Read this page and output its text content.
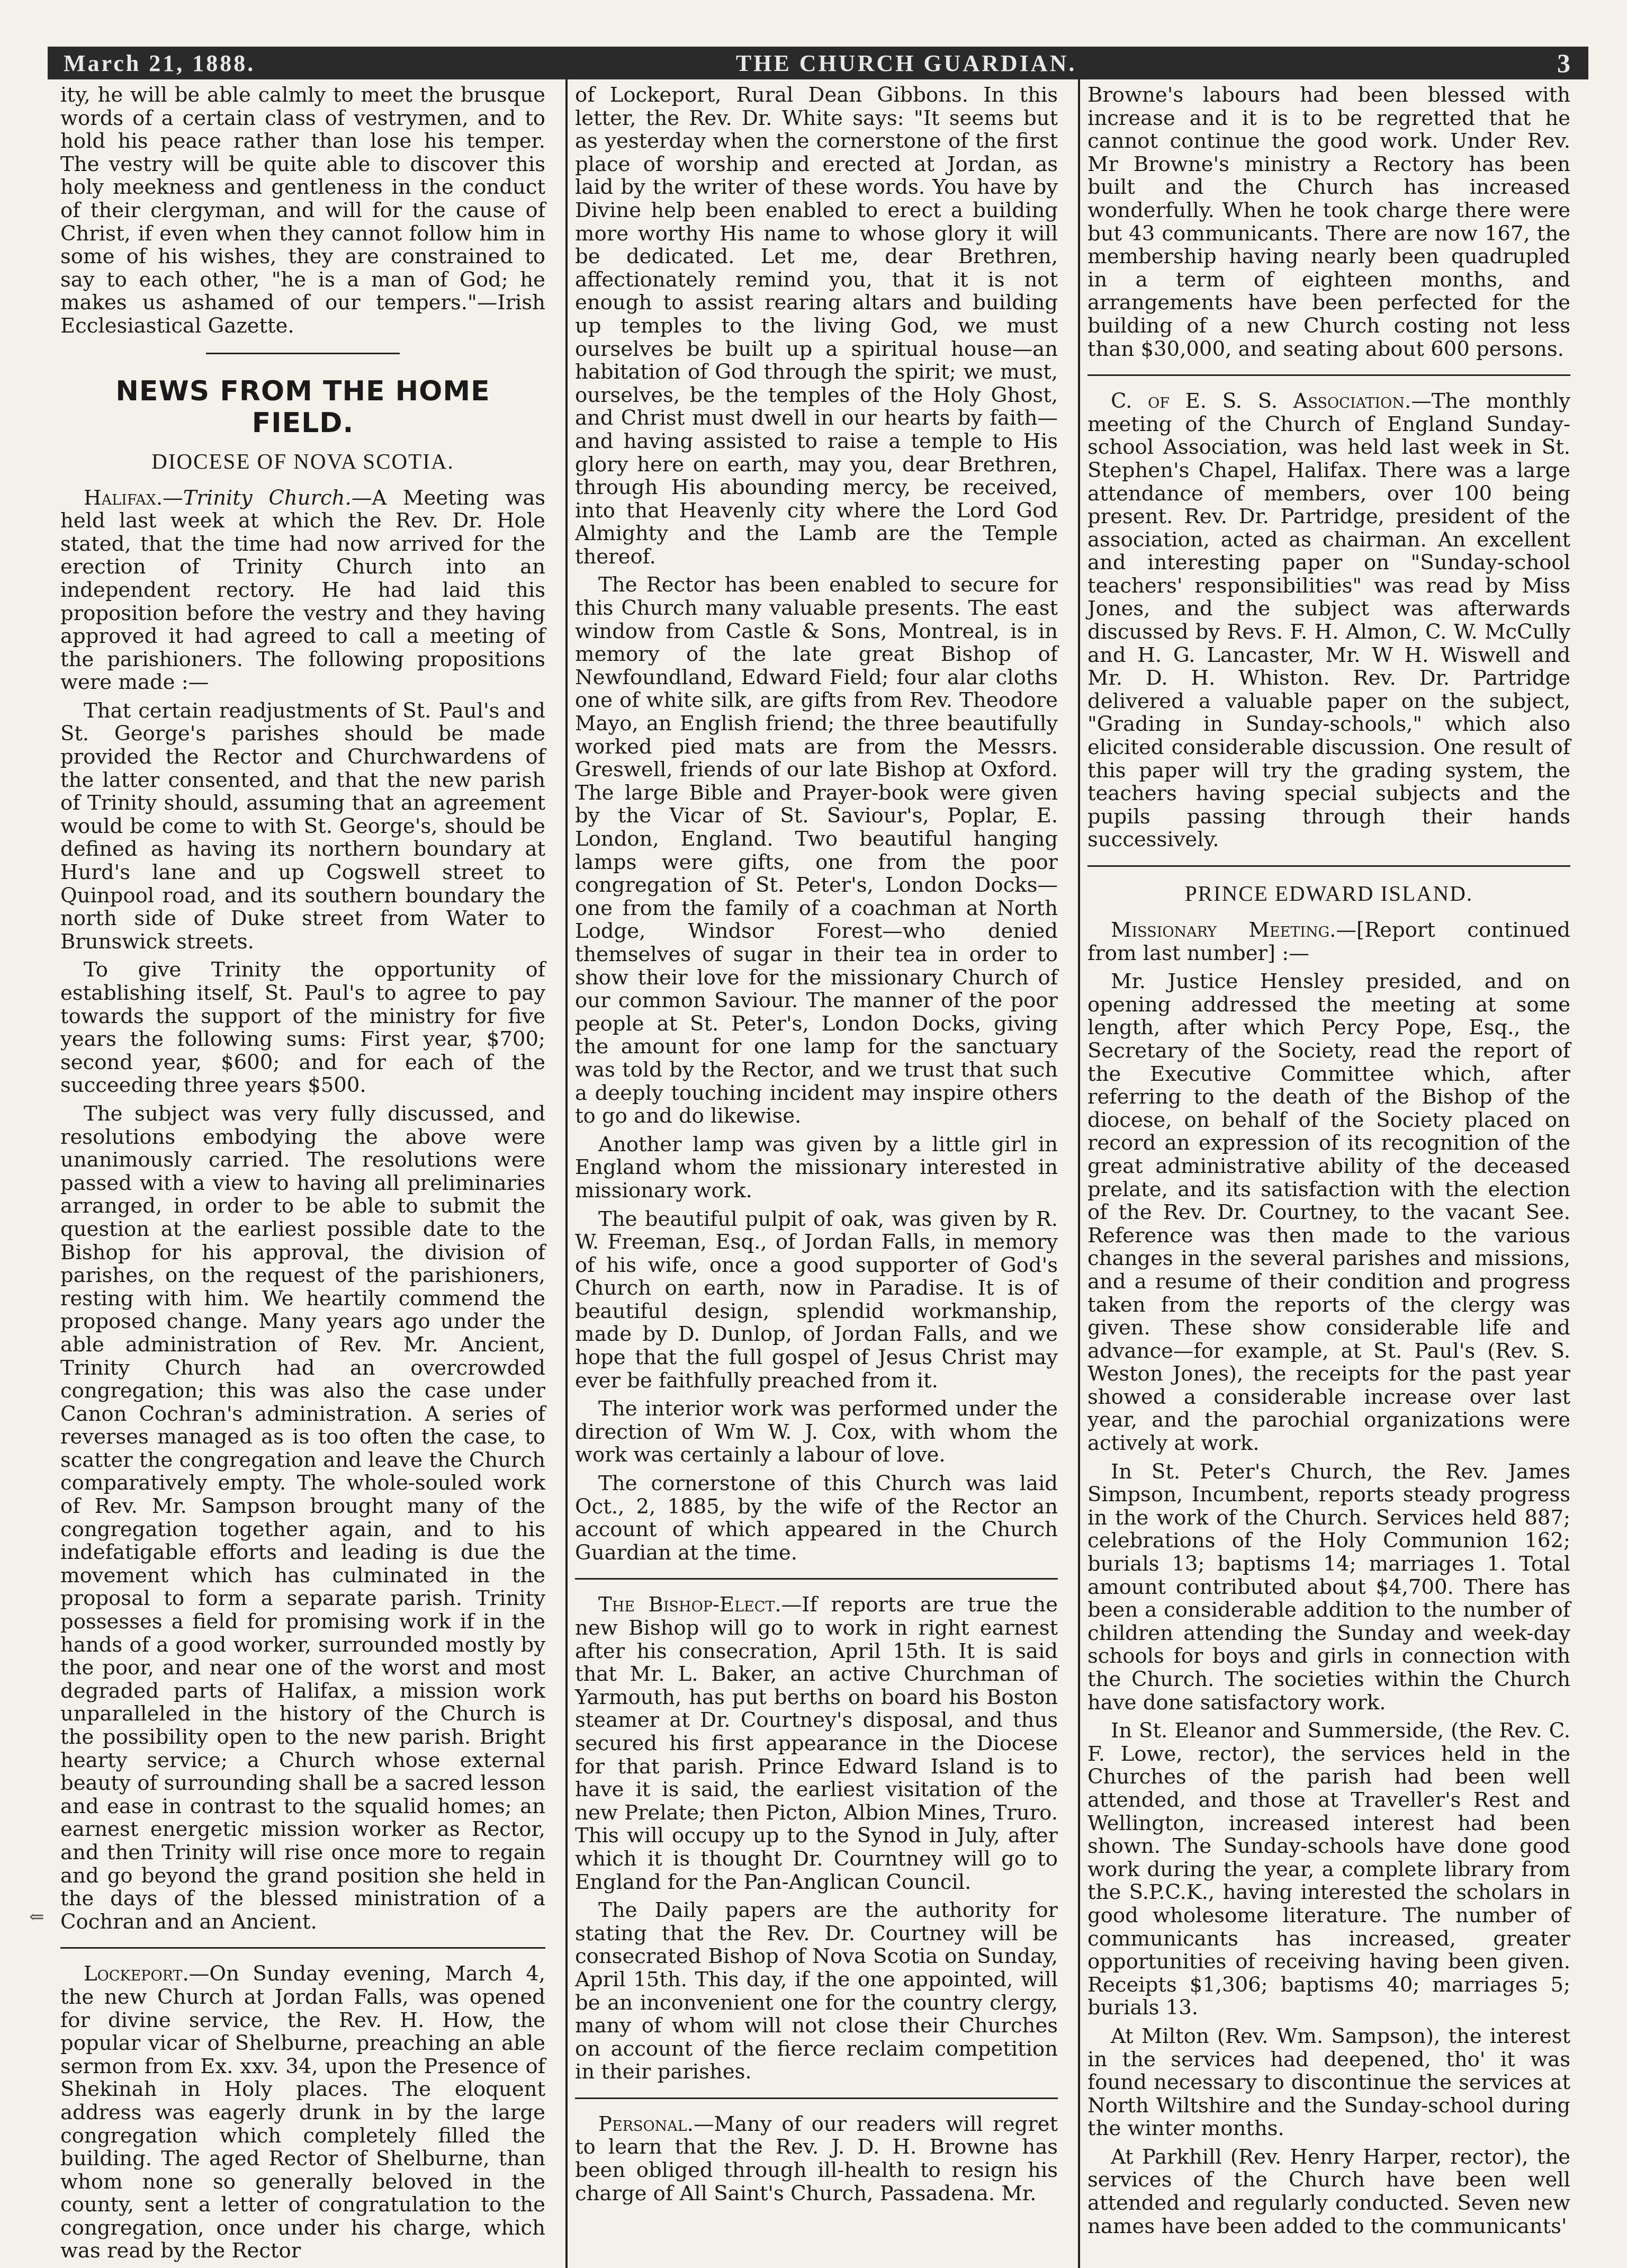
March 21, 1888.	THE CHURCH GUARDIAN.	3
⇐

ity, he will be able calmly to meet the brusque words of a certain class of vestrymen, and to hold his peace rather than lose his temper. The vestry will be quite able to discover this holy meekness and gentleness in the conduct of their clergyman, and will for the cause of Christ, if even when they cannot follow him in some of his wishes, they are constrained to say to each other, "he is a man of God; he makes us ashamed of our tempers."—Irish Ecclesiastical Gazette.

NEWS FROM THE HOME FIELD.
DIOCESE OF NOVA SCOTIA.

Halifax.—Trinity Church.—A Meeting was held last week at which the Rev. Dr. Hole stated, that the time had now arrived for the erection of Trinity Church into an independent rectory. He had laid this proposition before the vestry and they having approved it had agreed to call a meeting of the parishioners. The following propositions were made :—

That certain readjustments of St. Paul's and St. George's parishes should be made provided the Rector and Churchwardens of the latter consented, and that the new parish of Trinity should, assuming that an agreement would be come to with St. George's, should be defined as having its northern boundary at Hurd's lane and up Cogswell street to Quinpool road, and its southern boundary the north side of Duke street from Water to Brunswick streets.

To give Trinity the opportunity of establishing itself, St. Paul's to agree to pay towards the support of the ministry for five years the following sums: First year, $700; second year, $600; and for each of the succeeding three years $500.

The subject was very fully discussed, and resolutions embodying the above were unanimously carried. The resolutions were passed with a view to having all preliminaries arranged, in order to be able to submit the question at the earliest possible date to the Bishop for his approval, the division of parishes, on the request of the parishioners, resting with him. We heartily commend the proposed change. Many years ago under the able administration of Rev. Mr. Ancient, Trinity Church had an overcrowded congregation; this was also the case under Canon Cochran's administration. A series of reverses managed as is too often the case, to scatter the congregation and leave the Church comparatively empty. The whole-souled work of Rev. Mr. Sampson brought many of the congregation together again, and to his indefatigable efforts and leading is due the movement which has culminated in the proposal to form a separate parish. Trinity possesses a field for promising work if in the hands of a good worker, surrounded mostly by the poor, and near one of the worst and most degraded parts of Halifax, a mission work unparalleled in the history of the Church is the possibility open to the new parish. Bright hearty service; a Church whose external beauty of surrounding shall be a sacred lesson and ease in contrast to the squalid homes; an earnest energetic mission worker as Rector, and then Trinity will rise once more to regain and go beyond the grand position she held in the days of the blessed ministration of a Cochran and an Ancient.

Lockeport.—On Sunday evening, March 4, the new Church at Jordan Falls, was opened for divine service, the Rev. H. How, the popular vicar of Shelburne, preaching an able sermon from Ex. xxv. 34, upon the Presence of Shekinah in Holy places. The eloquent address was eagerly drunk in by the large congregation which completely filled the building. The aged Rector of Shelburne, than whom none so generally beloved in the county, sent a letter of congratulation to the congregation, once under his charge, which was read by the Rector

of Lockeport, Rural Dean Gibbons. In this letter, the Rev. Dr. White says: "It seems but as yesterday when the cornerstone of the first place of worship and erected at Jordan, as laid by the writer of these words. You have by Divine help been enabled to erect a building more worthy His name to whose glory it will be dedicated. Let me, dear Brethren, affectionately remind you, that it is not enough to assist rearing altars and building up temples to the living God, we must ourselves be built up a spiritual house—an habitation of God through the spirit; we must, ourselves, be the temples of the Holy Ghost, and Christ must dwell in our hearts by faith—and having assisted to raise a temple to His glory here on earth, may you, dear Brethren, through His abounding mercy, be received, into that Heavenly city where the Lord God Almighty and the Lamb are the Temple thereof.

The Rector has been enabled to secure for this Church many valuable presents. The east window from Castle & Sons, Montreal, is in memory of the late great Bishop of Newfoundland, Edward Field; four alar cloths one of white silk, are gifts from Rev. Theodore Mayo, an English friend; the three beautifully worked pied mats are from the Messrs. Greswell, friends of our late Bishop at Oxford. The large Bible and Prayer-book were given by the Vicar of St. Saviour's, Poplar, E. London, England. Two beautiful hanging lamps were gifts, one from the poor congregation of St. Peter's, London Docks—one from the family of a coachman at North Lodge, Windsor Forest—who denied themselves of sugar in their tea in order to show their love for the missionary Church of our common Saviour. The manner of the poor people at St. Peter's, London Docks, giving the amount for one lamp for the sanctuary was told by the Rector, and we trust that such a deeply touching incident may inspire others to go and do likewise.

Another lamp was given by a little girl in England whom the missionary interested in missionary work.

The beautiful pulpit of oak, was given by R. W. Freeman, Esq., of Jordan Falls, in memory of his wife, once a good supporter of God's Church on earth, now in Paradise. It is of beautiful design, splendid workmanship, made by D. Dunlop, of Jordan Falls, and we hope that the full gospel of Jesus Christ may ever be faithfully preached from it.

The interior work was performed under the direction of Wm W. J. Cox, with whom the work was certainly a labour of love.

The cornerstone of this Church was laid Oct., 2, 1885, by the wife of the Rector an account of which appeared in the Church Guardian at the time.

The Bishop-Elect.—If reports are true the new Bishop will go to work in right earnest after his consecration, April 15th. It is said that Mr. L. Baker, an active Churchman of Yarmouth, has put berths on board his Boston steamer at Dr. Courtney's disposal, and thus secured his first appearance in the Diocese for that parish. Prince Edward Island is to have it is said, the earliest visitation of the new Prelate; then Picton, Albion Mines, Truro. This will occupy up to the Synod in July, after which it is thought Dr. Courntney will go to England for the Pan-Anglican Council.

The Daily papers are the authority for stating that the Rev. Dr. Courtney will be consecrated Bishop of Nova Scotia on Sunday, April 15th. This day, if the one appointed, will be an inconvenient one for the country clergy, many of whom will not close their Churches on account of the fierce reclaim competition in their parishes.

Personal.—Many of our readers will regret to learn that the Rev. J. D. H. Browne has been obliged through ill-health to resign his charge of All Saint's Church, Passadena. Mr.

Browne's labours had been blessed with increase and it is to be regretted that he cannot continue the good work. Under Rev. Mr Browne's ministry a Rectory has been built and the Church has increased wonderfully. When he took charge there were but 43 communicants. There are now 167, the membership having nearly been quadrupled in a term of eighteen months, and arrangements have been perfected for the building of a new Church costing not less than $30,000, and seating about 600 persons.

C. of E. S. S. Association.—The monthly meeting of the Church of England Sunday-school Association, was held last week in St. Stephen's Chapel, Halifax. There was a large attendance of members, over 100 being present. Rev. Dr. Partridge, president of the association, acted as chairman. An excellent and interesting paper on "Sunday-school teachers' responsibilities" was read by Miss Jones, and the subject was afterwards discussed by Revs. F. H. Almon, C. W. McCully and H. G. Lancaster, Mr. W H. Wiswell and Mr. D. H. Whiston. Rev. Dr. Partridge delivered a valuable paper on the subject, "Grading in Sunday-schools," which also elicited considerable discussion. One result of this paper will try the grading system, the teachers having special subjects and the pupils passing through their hands successively.

PRINCE EDWARD ISLAND.

Missionary Meeting.—[Report continued from last number] :—

Mr. Justice Hensley presided, and on opening addressed the meeting at some length, after which Percy Pope, Esq., the Secretary of the Society, read the report of the Executive Committee which, after referring to the death of the Bishop of the diocese, on behalf of the Society placed on record an expression of its recognition of the great administrative ability of the deceased prelate, and its satisfaction with the election of the Rev. Dr. Courtney, to the vacant See. Reference was then made to the various changes in the several parishes and missions, and a resume of their condition and progress taken from the reports of the clergy was given. These show considerable life and advance—for example, at St. Paul's (Rev. S. Weston Jones), the receipts for the past year showed a considerable increase over last year, and the parochial organizations were actively at work.

In St. Peter's Church, the Rev. James Simpson, Incumbent, reports steady progress in the work of the Church. Services held 887; celebrations of the Holy Communion 162; burials 13; baptisms 14; marriages 1. Total amount contributed about $4,700. There has been a considerable addition to the number of children attending the Sunday and week-day schools for boys and girls in connection with the Church. The societies within the Church have done satisfactory work.

In St. Eleanor and Summerside, (the Rev. C. F. Lowe, rector), the services held in the Churches of the parish had been well attended, and those at Traveller's Rest and Wellington, increased interest had been shown. The Sunday-schools have done good work during the year, a complete library from the S.P.C.K., having interested the scholars in good wholesome literature. The number of communicants has increased, greater opportunities of receiving having been given. Receipts $1,306; baptisms 40; marriages 5; burials 13.

At Milton (Rev. Wm. Sampson), the interest in the services had deepened, tho' it was found necessary to discontinue the services at North Wiltshire and the Sunday-school during the winter months.

At Parkhill (Rev. Henry Harper, rector), the services of the Church have been well attended and regularly conducted. Seven new names have been added to the communicants'
